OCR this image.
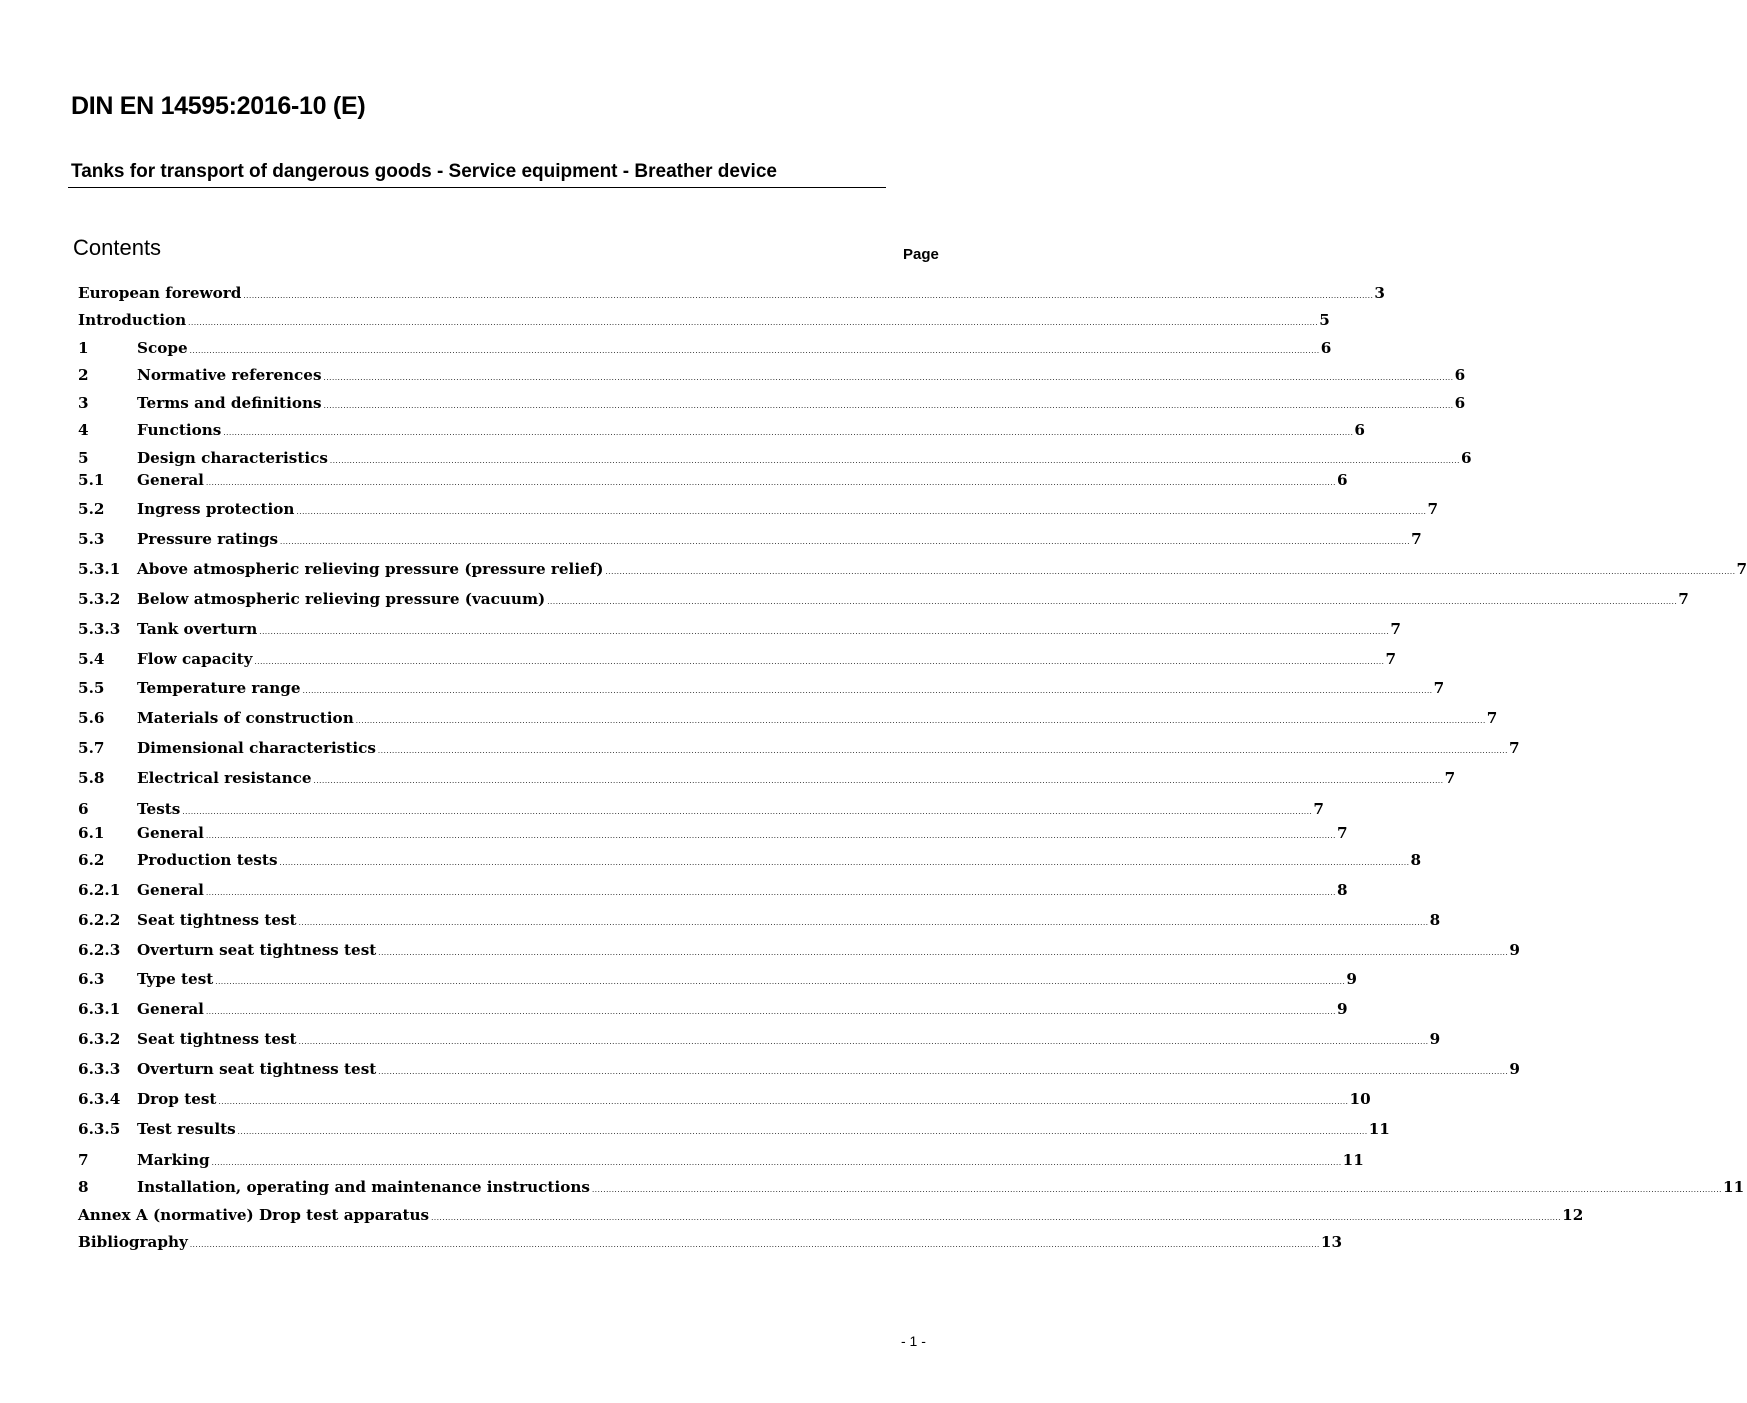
DIN EN 14595:2016-10 (E)
Tanks for transport of dangerous goods - Service equipment - Breather device
Contents	Page
European foreword ................................................................................................................................................................................................................................................................................................................................................................................................................ 3
Introduction ................................................................................................................................................................................................................................................................................................................................................................................................................ 5
1	Scope ................................................................................................................................................................................................................................................................................................................................................................................................................ 6
2	Normative references ................................................................................................................................................................................................................................................................................................................................................................................................................ 6
3	Terms and definitions ................................................................................................................................................................................................................................................................................................................................................................................................................ 6
4	Functions ................................................................................................................................................................................................................................................................................................................................................................................................................ 6
5	Design characteristics ................................................................................................................................................................................................................................................................................................................................................................................................................ 6
5.1	General ................................................................................................................................................................................................................................................................................................................................................................................................................ 6
5.2	Ingress protection ................................................................................................................................................................................................................................................................................................................................................................................................................ 7
5.3	Pressure ratings ................................................................................................................................................................................................................................................................................................................................................................................................................ 7
5.3.1	Above atmospheric relieving pressure (pressure relief) ................................................................................................................................................................................................................................................................................................................................................................................................................ 7
5.3.2	Below atmospheric relieving pressure (vacuum) ................................................................................................................................................................................................................................................................................................................................................................................................................ 7
5.3.3	Tank overturn ................................................................................................................................................................................................................................................................................................................................................................................................................ 7
5.4	Flow capacity ................................................................................................................................................................................................................................................................................................................................................................................................................ 7
5.5	Temperature range ................................................................................................................................................................................................................................................................................................................................................................................................................ 7
5.6	Materials of construction ................................................................................................................................................................................................................................................................................................................................................................................................................ 7
5.7	Dimensional characteristics ................................................................................................................................................................................................................................................................................................................................................................................................................ 7
5.8	Electrical resistance ................................................................................................................................................................................................................................................................................................................................................................................................................ 7
6	Tests ................................................................................................................................................................................................................................................................................................................................................................................................................ 7
6.1	General ................................................................................................................................................................................................................................................................................................................................................................................................................ 7
6.2	Production tests ................................................................................................................................................................................................................................................................................................................................................................................................................ 8
6.2.1	General ................................................................................................................................................................................................................................................................................................................................................................................................................ 8
6.2.2	Seat tightness test ................................................................................................................................................................................................................................................................................................................................................................................................................ 8
6.2.3	Overturn seat tightness test ................................................................................................................................................................................................................................................................................................................................................................................................................ 9
6.3	Type test ................................................................................................................................................................................................................................................................................................................................................................................................................ 9
6.3.1	General ................................................................................................................................................................................................................................................................................................................................................................................................................ 9
6.3.2	Seat tightness test ................................................................................................................................................................................................................................................................................................................................................................................................................ 9
6.3.3	Overturn seat tightness test ................................................................................................................................................................................................................................................................................................................................................................................................................ 9
6.3.4	Drop test ................................................................................................................................................................................................................................................................................................................................................................................................................ 10
6.3.5	Test results ................................................................................................................................................................................................................................................................................................................................................................................................................ 11
7	Marking ................................................................................................................................................................................................................................................................................................................................................................................................................ 11
8	Installation, operating and maintenance instructions ................................................................................................................................................................................................................................................................................................................................................................................................................ 11
Annex A (normative) Drop test apparatus ................................................................................................................................................................................................................................................................................................................................................................................................................ 12
Bibliography ................................................................................................................................................................................................................................................................................................................................................................................................................ 13
- 1 -
